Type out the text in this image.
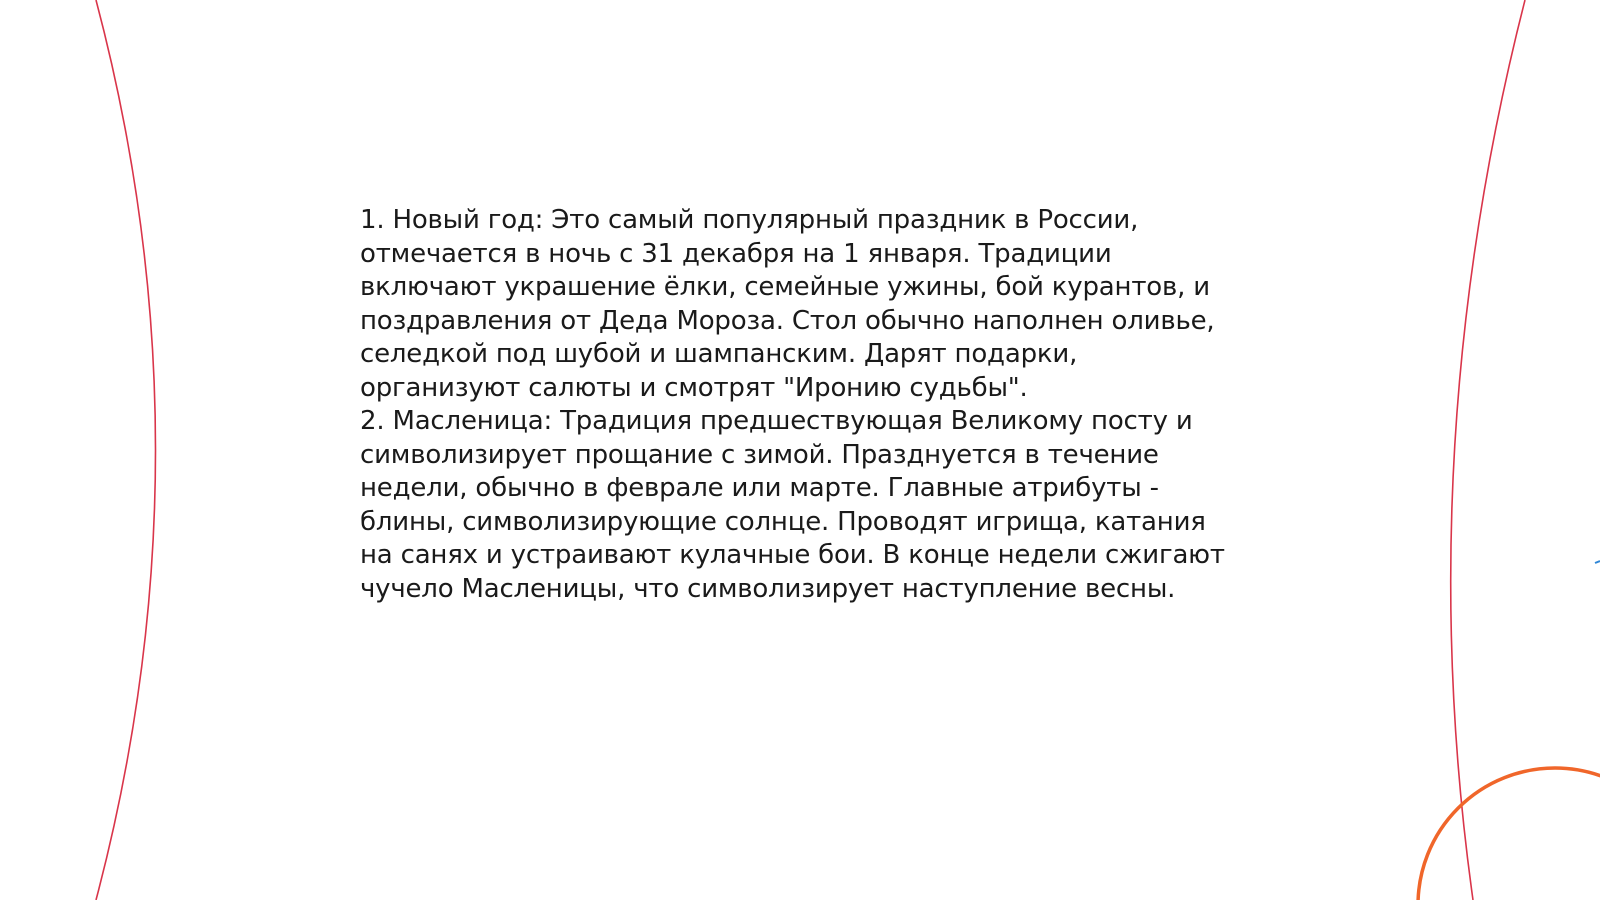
1. Новый год: Это самый популярный праздник в России,
отмечается в ночь с 31 декабря на 1 января. Традиции
включают украшение ёлки, семейные ужины, бой курантов, и
поздравления от Деда Мороза. Стол обычно наполнен оливье,
селедкой под шубой и шампанским. Дарят подарки,
организуют салюты и смотрят "Иронию судьбы".

2. Масленица: Традиция предшествующая Великому посту и
символизирует прощание с зимой. Празднуется в течение
недели, обычно в феврале или марте. Главные атрибуты -
блины, символизирующие солнце. Проводят игрища, катания
на санях и устраивают кулачные бои. В конце недели сжигают
чучело Масленицы, что символизирует наступление весны.
